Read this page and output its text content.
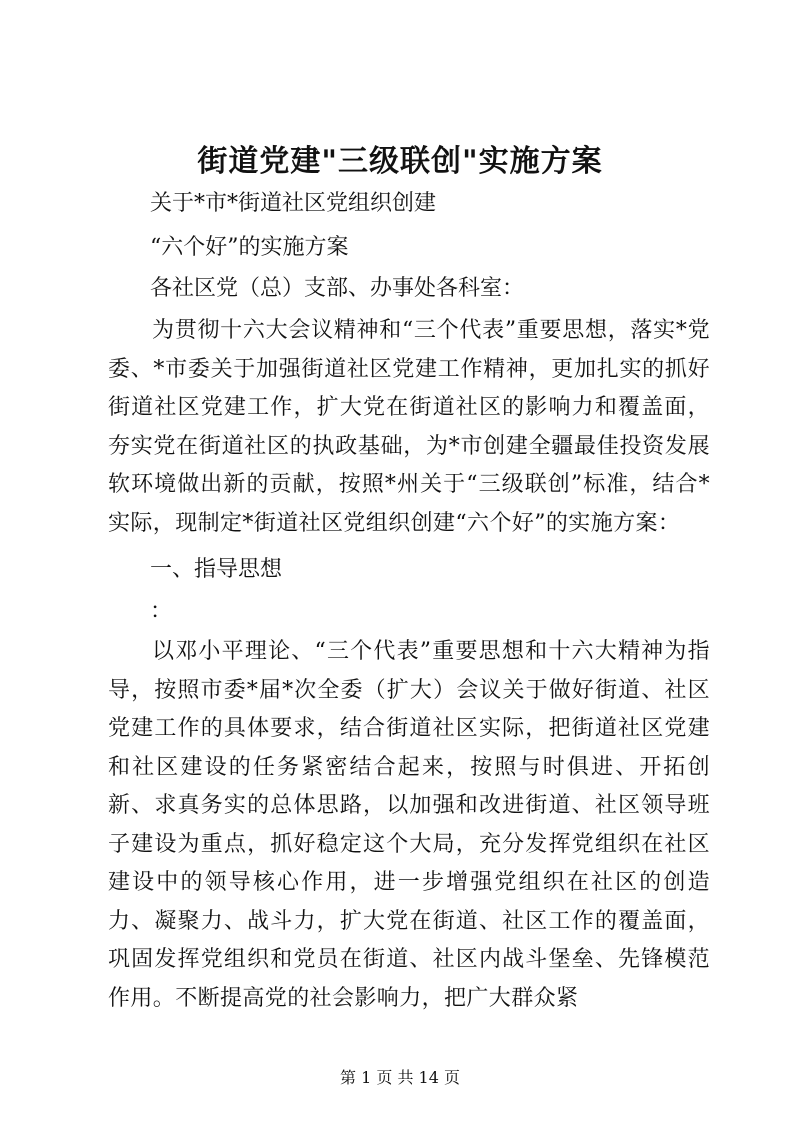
街道党建"三级联创"实施方案
关于*市*街道社区党组织创建
“六个好”的实施方案
各社区党（总）支部、办事处各科室：
为贯彻十六大会议精神和“三个代表”重要思想，落实*党委、*市委关于加强街道社区党建工作精神，更加扎实的抓好街道社区党建工作，扩大党在街道社区的影响力和覆盖面，夯实党在街道社区的执政基础，为*市创建全疆最佳投资发展软环境做出新的贡献，按照*州关于“三级联创”标准，结合*实际，现制定*街道社区党组织创建“六个好”的实施方案：
一、指导思想
：
以邓小平理论、“三个代表”重要思想和十六大精神为指导，按照市委*届*次全委（扩大）会议关于做好街道、社区党建工作的具体要求，结合街道社区实际，把街道社区党建和社区建设的任务紧密结合起来，按照与时俱进、开拓创新、求真务实的总体思路，以加强和改进街道、社区领导班子建设为重点，抓好稳定这个大局，充分发挥党组织在社区建设中的领导核心作用，进一步增强党组织在社区的创造力、凝聚力、战斗力，扩大党在街道、社区工作的覆盖面，巩固发挥党组织和党员在街道、社区内战斗堡垒、先锋模范作用。不断提高党的社会影响力，把广大群众紧
第 1 页 共 14 页
